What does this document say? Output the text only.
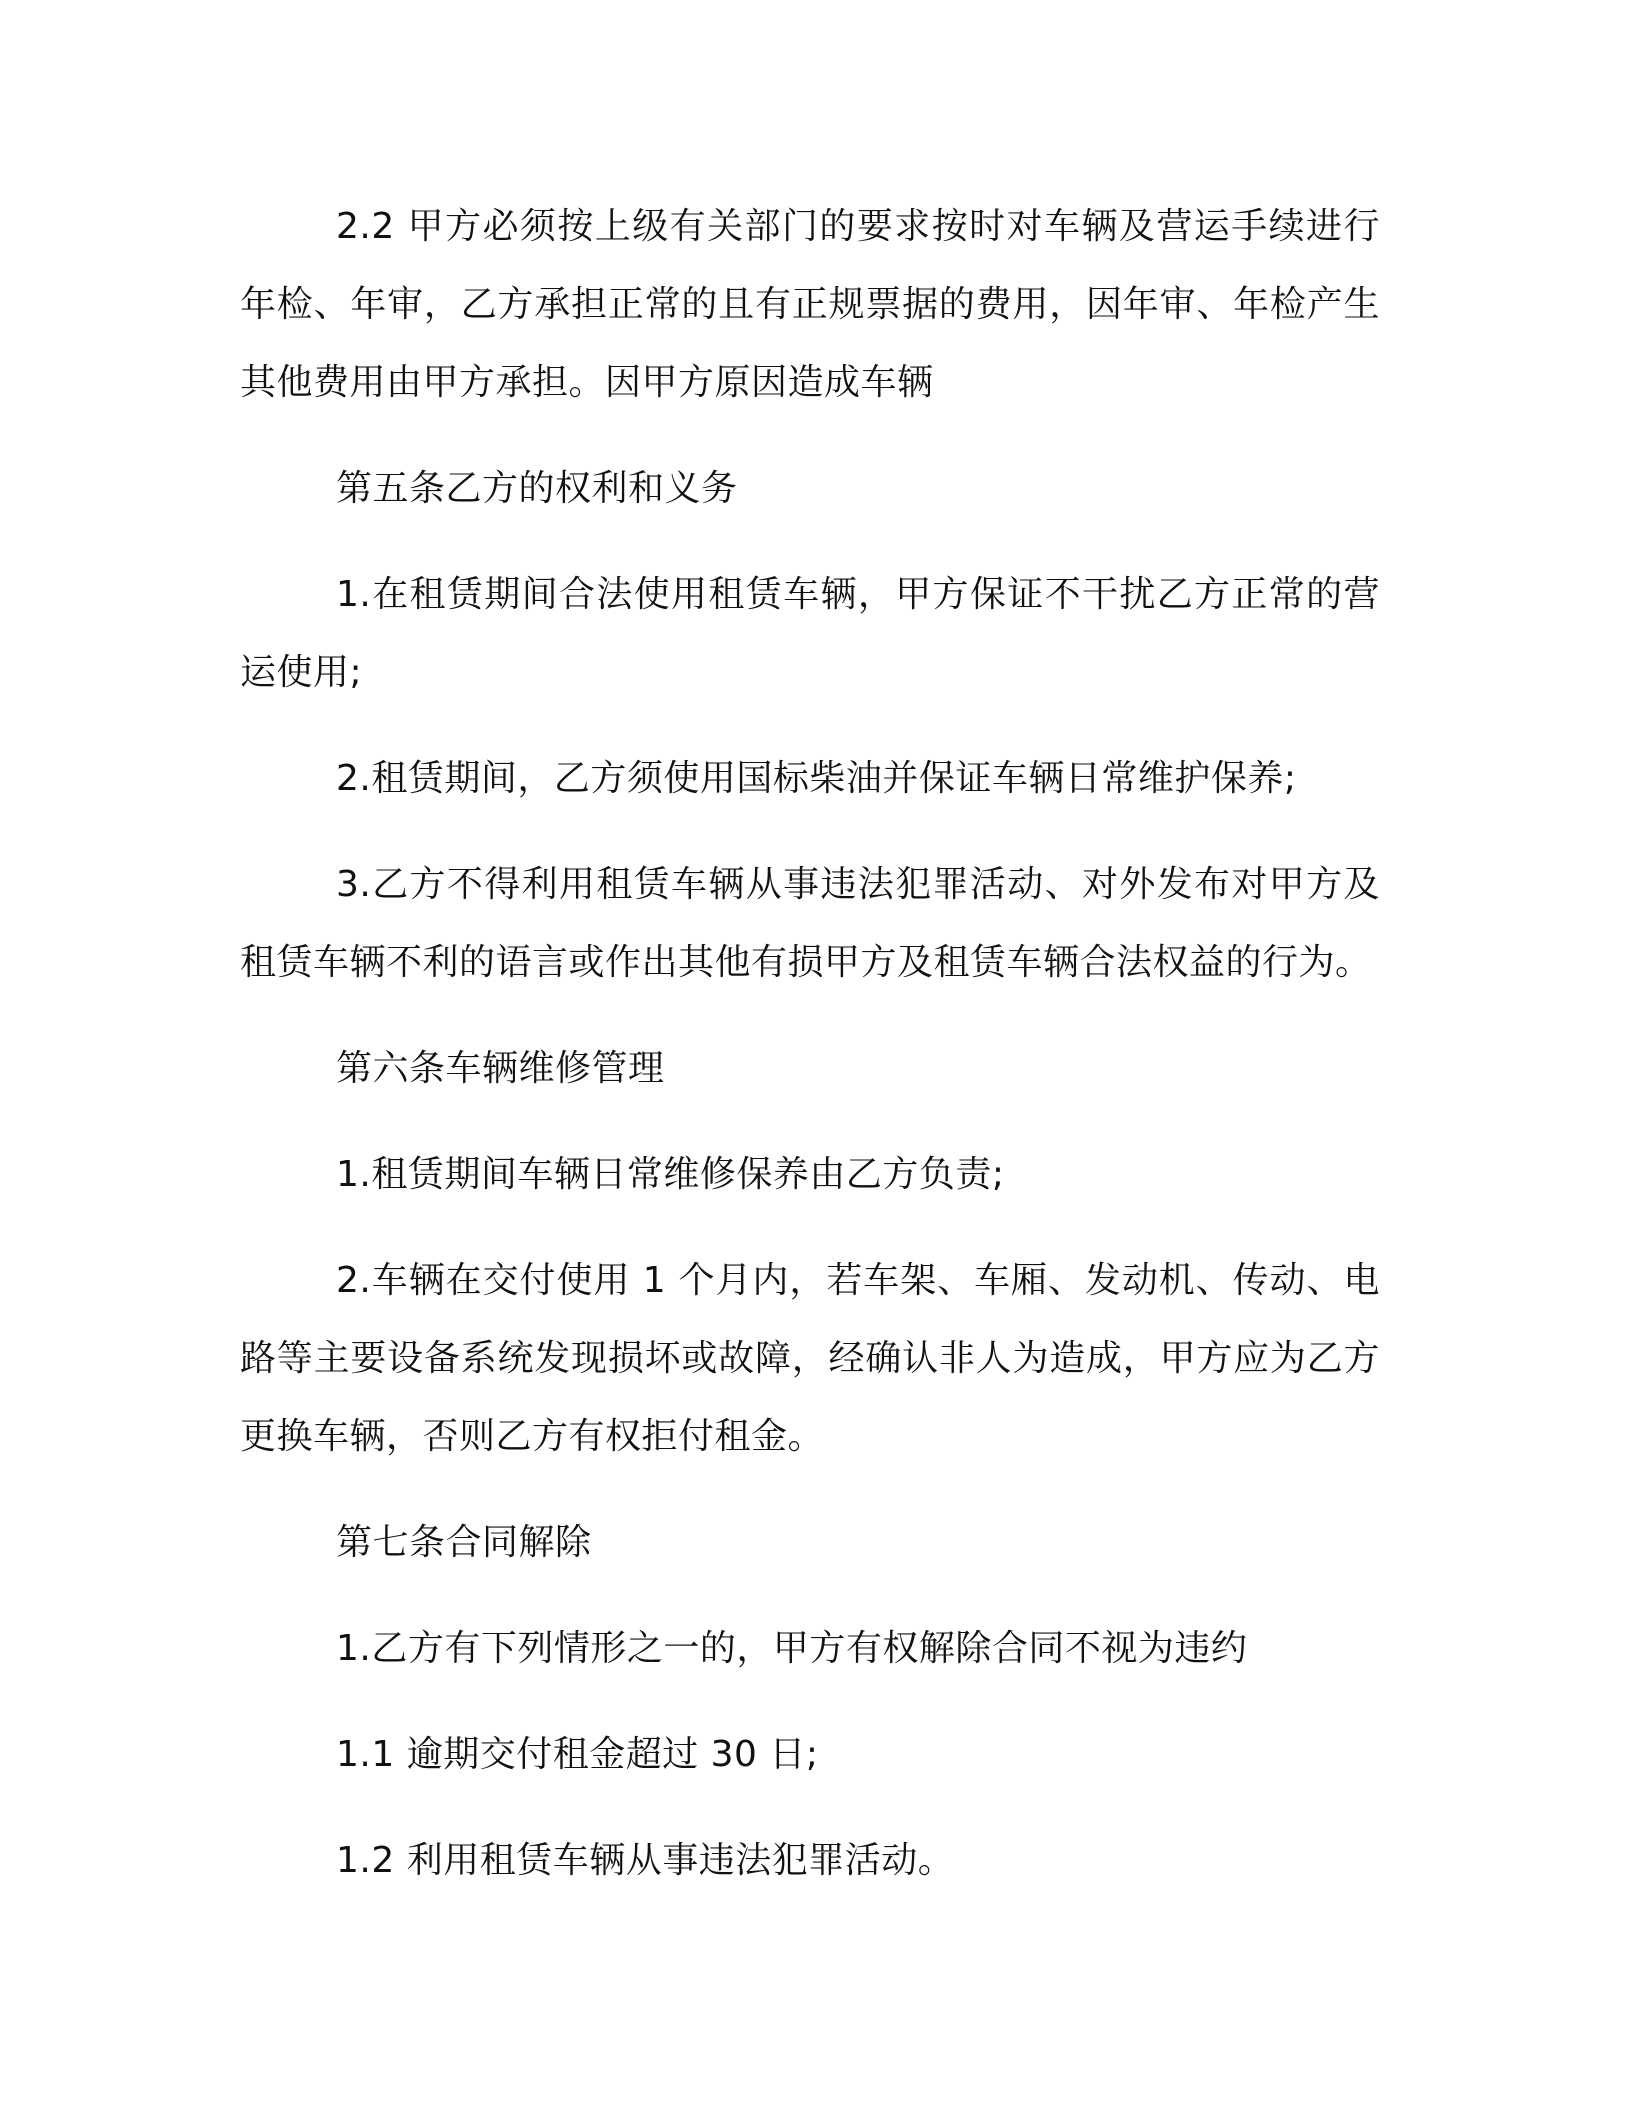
2.2 甲方必须按上级有关部门的要求按时对车辆及营运手续进行年检、年审，乙方承担正常的且有正规票据的费用，因年审、年检产生其他费用由甲方承担。因甲方原因造成车辆

第五条乙方的权利和义务

1.在租赁期间合法使用租赁车辆，甲方保证不干扰乙方正常的营运使用;

2.租赁期间，乙方须使用国标柴油并保证车辆日常维护保养;

3.乙方不得利用租赁车辆从事违法犯罪活动、对外发布对甲方及租赁车辆不利的语言或作出其他有损甲方及租赁车辆合法权益的行为。

第六条车辆维修管理

1.租赁期间车辆日常维修保养由乙方负责;

2.车辆在交付使用 1 个月内，若车架、车厢、发动机、传动、电路等主要设备系统发现损坏或故障，经确认非人为造成，甲方应为乙方更换车辆，否则乙方有权拒付租金。

第七条合同解除

1.乙方有下列情形之一的，甲方有权解除合同不视为违约

1.1 逾期交付租金超过 30 日;

1.2 利用租赁车辆从事违法犯罪活动。
